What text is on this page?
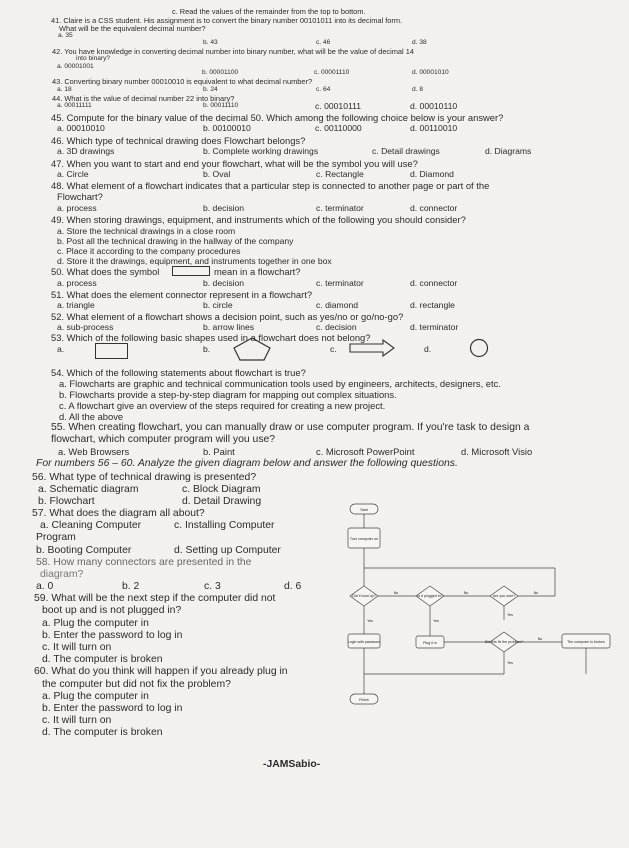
c. Read the values of the remainder from the top to bottom.
41. Claire is a CSS student. His assignment is to convert the binary number 00101011 into its decimal form.
What will be the equivalent decimal number?
a. 35
b. 43	c. 46	d. 38
42. You have knowledge in converting decimal number into binary number, what will be the value of decimal 14
into binary?
a. 00001001
b. 00001100	c. 00001110	d. 00001010
43. Converting binary number 00010010 is equivalent to what decimal number?
a. 18	b. 24	c. 64	d. 8
44. What is the value of decimal number 22 into binary?
a. 00011111	b. 00011110	c. 00010111	d. 00010110
45. Compute for the binary value of the decimal 50. Which among the following choice below is your answer?
a. 00010010	b. 00100010	c. 00110000	d. 00110010
46. Which type of technical drawing does Flowchart belongs?
a. 3D drawings	b. Complete working drawings	c. Detail drawings	d. Diagrams
47. When you want to start and end your flowchart, what will be the symbol you will use?
a. Circle	b. Oval	c. Rectangle	d. Diamond
48. What element of a flowchart indicates that a particular step is connected to another page or part of the
Flowchart?
a. process	b. decision	c. terminator	d. connector
49. When storing drawings, equipment, and instruments which of the following you should consider?
a. Store the technical drawings in a close room
b. Post all the technical drawing in the hallway of the company
c. Place it according to the company procedures
d. Store it the drawings, equipment, and instruments together in one box
50. What does the symbol	mean in a flowchart?
a. process	b. decision	c. terminator	d. connector
51. What does the element connector represent in a flowchart?
a. triangle	b. circle	c. diamond	d. rectangle
52. What element of a flowchart shows a decision point, such as yes/no or go/no-go?
a. sub-process	b. arrow lines	c. decision	d. terminator
53. Which of the following basic shapes used in a flowchart does not belong?
a.	b.	c.	d.
54. Which of the following statements about flowchart is true?
a. Flowcharts are graphic and technical communication tools used by engineers, architects, designers, etc.
b. Flowcharts provide a step-by-step diagram for mapping out complex situations.
c. A flowchart give an overview of the steps required for creating a new project.
d. All the above
55. When creating flowchart, you can manually draw or use computer program. If you're task to design a
flowchart, which computer program will you use?
a. Web Browsers	b. Paint	c. Microsoft PowerPoint	d. Microsoft Visio
For numbers 56 – 60. Analyze the given diagram below and answer the following questions.
56. What type of technical drawing is presented?
a. Schematic diagram	c. Block Diagram
b. Flowchart	d. Detail Drawing
57. What does the diagram all about?
a. Cleaning Computer	c. Installing Computer
Program
b. Booting Computer	d. Setting up Computer
58. How many connectors are presented in the
diagram?
a. 0	b. 2	c. 3	d. 6
59. What will be the next step if the computer did not
boot up and is not plugged in?
a. Plug the computer in
b. Enter the password to log in
c. It will turn on
d. The computer is broken
60. What do you think will happen if you already plug in
the computer but did not fix the problem?
a. Plug the computer in
b. Enter the password to log in
c. It will turn on
d. The computer is broken
-JAMSabio-
Start
Turn computer on
Did it boot up?	Is it plugged in?	Are you sure?
Login with password	Plug it in	Did this fix the problem?	The computer is broken
Finish
No	No	No
No
Yes	Yes
Yes
Yes
